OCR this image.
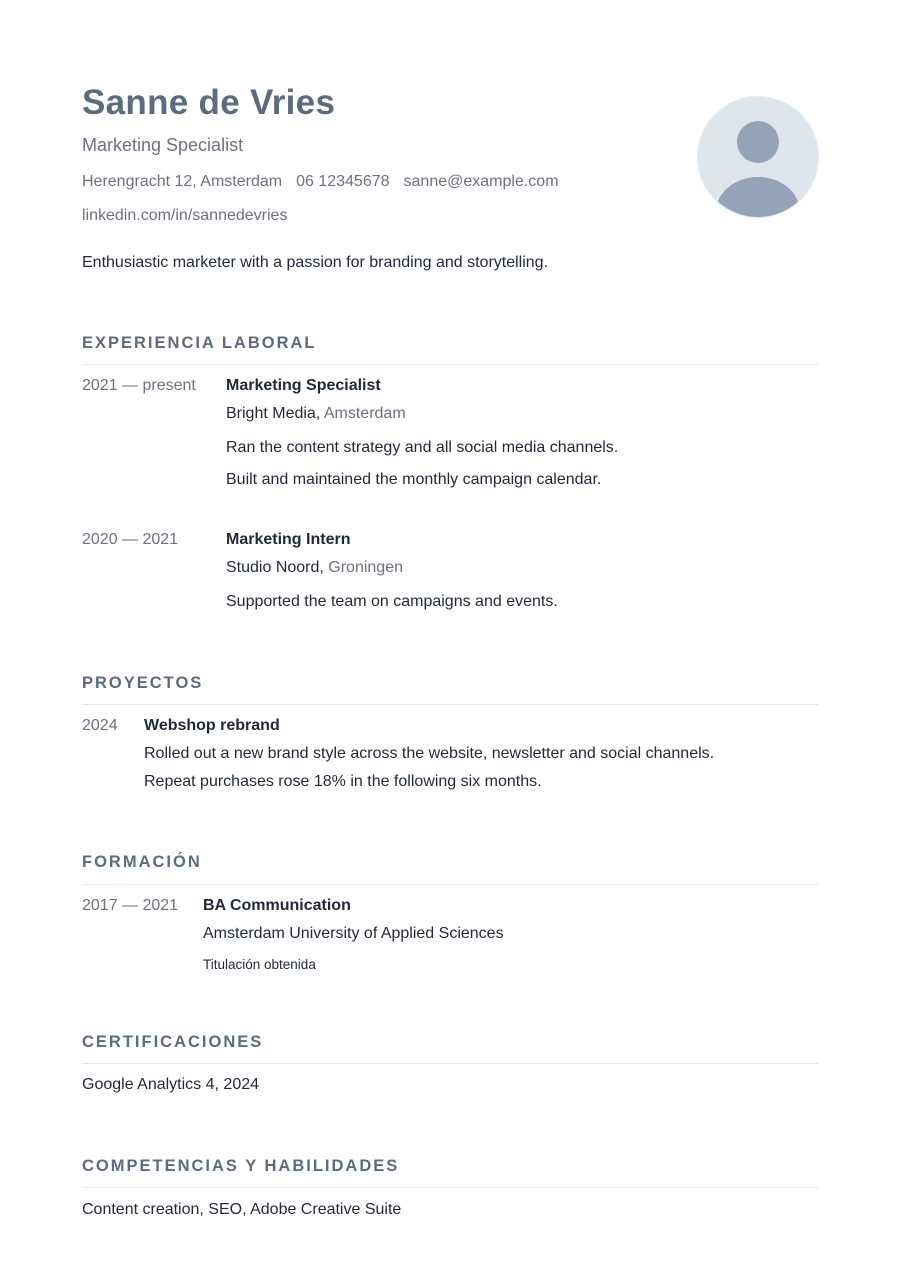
Sanne de Vries
Marketing Specialist
Herengracht 12, Amsterdam 06 12345678 sanne@example.com
linkedin.com/in/sannedevries
Enthusiastic marketer with a passion for branding and storytelling.
EXPERIENCIA LABORAL
2021 — present Marketing Specialist
Bright Media, Amsterdam
Ran the content strategy and all social media channels.
Built and maintained the monthly campaign calendar.
2020 — 2021	Marketing Intern
Studio Noord, Groningen
Supported the team on campaigns and events.
PROYECTOS
2024 Webshop rebrand
Rolled out a new brand style across the website, newsletter and social channels.
Repeat purchases rose 18% in the following six months.
FORMACIÓN
2017 — 2021 BA Communication
Amsterdam University of Applied Sciences
Titulación obtenida
CERTIFICACIONES
Google Analytics 4, 2024
COMPETENCIAS Y HABILIDADES
Content creation, SEO, Adobe Creative Suite
